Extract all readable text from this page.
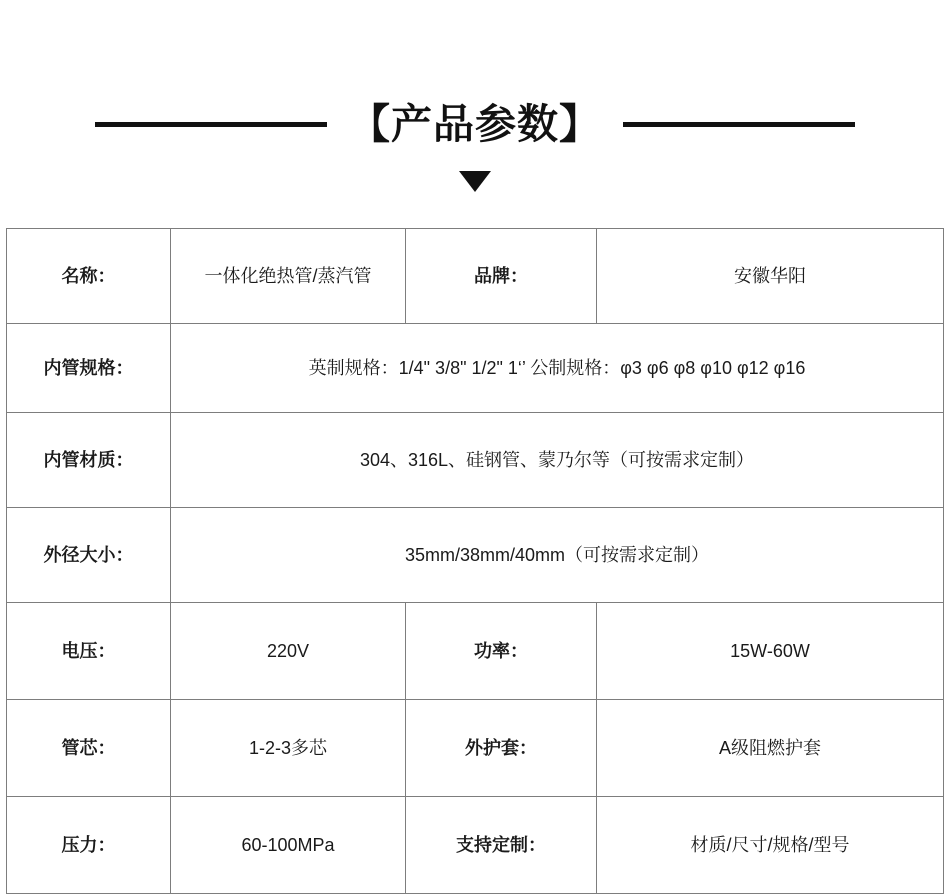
【产品参数】
名称：	一体化绝热管/蒸汽管	品牌：	安徽华阳
内管规格：	英制规格：1/4" 3/8" 1/2" 1‘’ 公制规格：φ3 φ6 φ8 φ10 φ12 φ16		
内管材质：	304、316L、硅钢管、蒙乃尔等（可按需求定制）		
外径大小：	35mm/38mm/40mm（可按需求定制）		
电压：	220V	功率：	15W-60W
管芯：	1-2-3多芯	外护套：	A级阻燃护套
压力：	60-100MPa	支持定制：	材质/尺寸/规格/型号
